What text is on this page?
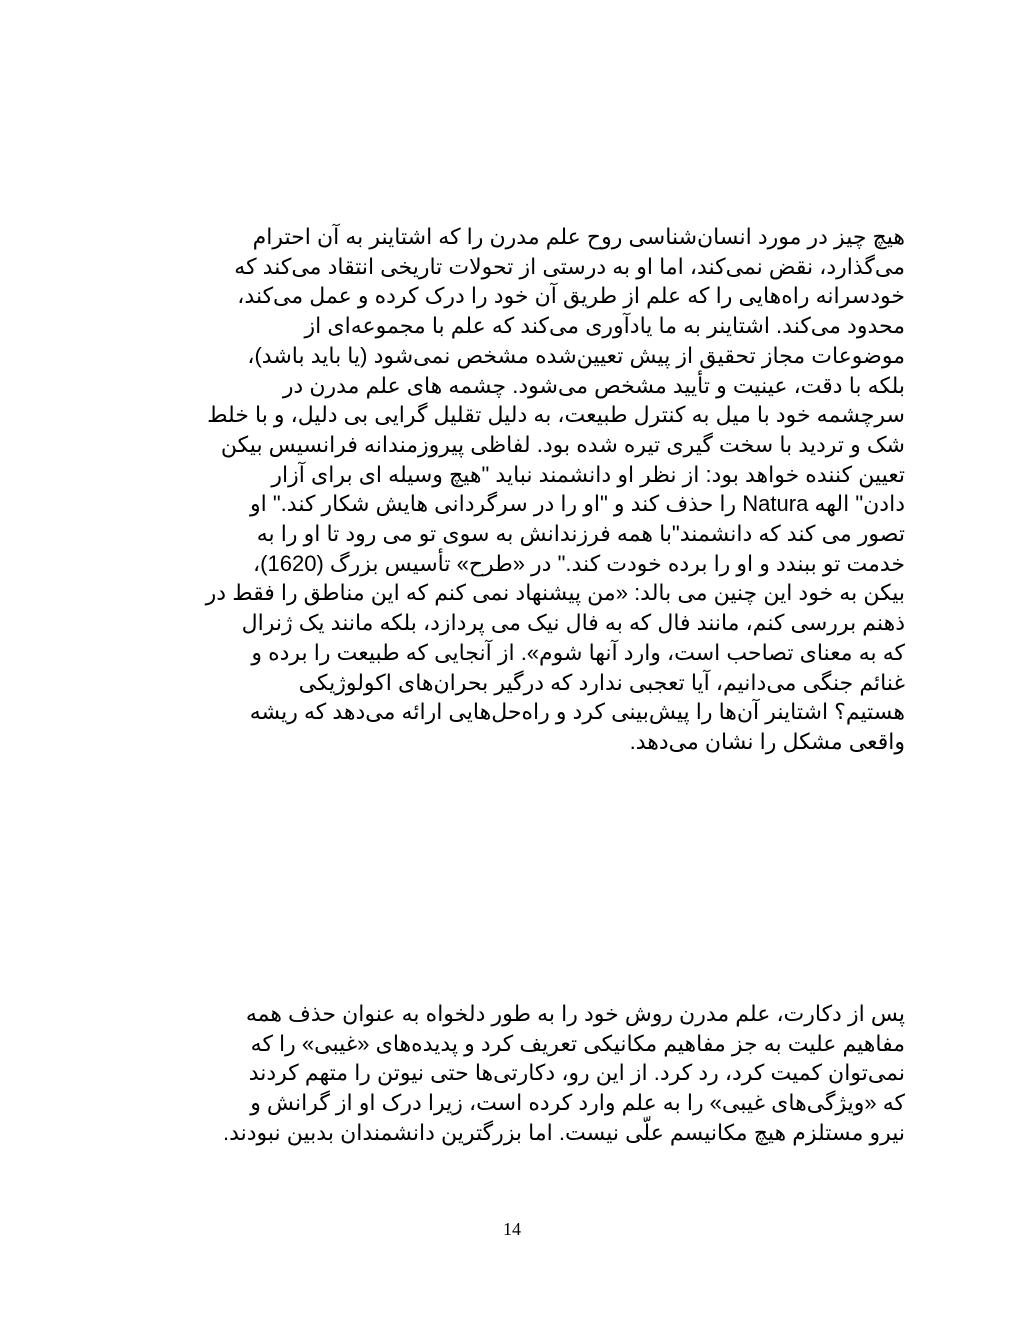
هیچ چیز در مورد انسان‌شناسی روح علم مدرن را که اشتاینر به آن احترام
می‌گذارد، نقض نمی‌کند، اما او به درستی از تحولات تاریخی انتقاد می‌کند که
خودسرانه راه‌هایی را که علم از طریق آن خود را درک کرده و عمل می‌کند،
محدود می‌کند. اشتاینر به ما یادآوری می‌کند که علم با مجموعه‌ای از
موضوعات مجاز تحقیق از پیش تعیین‌شده مشخص نمی‌شود (یا باید باشد)،
بلکه با دقت، عینیت و تأیید مشخص می‌شود. چشمه های علم مدرن در
سرچشمه خود با میل به کنترل طبیعت، به دلیل تقلیل گرایی بی دلیل، و با خلط
شک و تردید با سخت گیری تیره شده بود. لفاظی پیروزمندانه فرانسیس بیکن
تعیین کننده خواهد بود: از نظر او دانشمند نباید "هیچ وسیله ای برای آزار
دادن" الهه Natura را حذف کند و "او را در سرگردانی هایش شکار کند." او
تصور می کند که دانشمند"با همه فرزندانش به سوی تو می رود تا او را به
خدمت تو ببندد و او را برده خودت کند." در «طرح» تأسیس بزرگ (1620)،
بیکن به خود این چنین می بالد: «من پیشنهاد نمی کنم که این مناطق را فقط در
ذهنم بررسی کنم، مانند فال که به فال نیک می پردازد، بلکه مانند یک ژنرال
که به معنای تصاحب است، وارد آنها شوم». از آنجایی که طبیعت را برده و
غنائم جنگی می‌دانیم، آیا تعجبی ندارد که درگیر بحران‌های اکولوژیکی
هستیم؟ اشتاینر آن‌ها را پیش‌بینی کرد و راه‌حل‌هایی ارائه می‌دهد که ریشه
واقعی مشکل را نشان می‌دهد.
پس از دکارت، علم مدرن روش خود را به طور دلخواه به عنوان حذف همه
مفاهیم علیت به جز مفاهیم مکانیکی تعریف کرد و پدیده‌های «غیبی» را که
نمی‌توان کمیت کرد، رد کرد. از این رو، دکارتی‌ها حتی نیوتن را متهم کردند
که «ویژگی‌های غیبی» را به علم وارد کرده است، زیرا درک او از گرانش و
نیرو مستلزم هیچ مکانیسم علّی نیست. اما بزرگترین دانشمندان بدبین نبودند.
14
